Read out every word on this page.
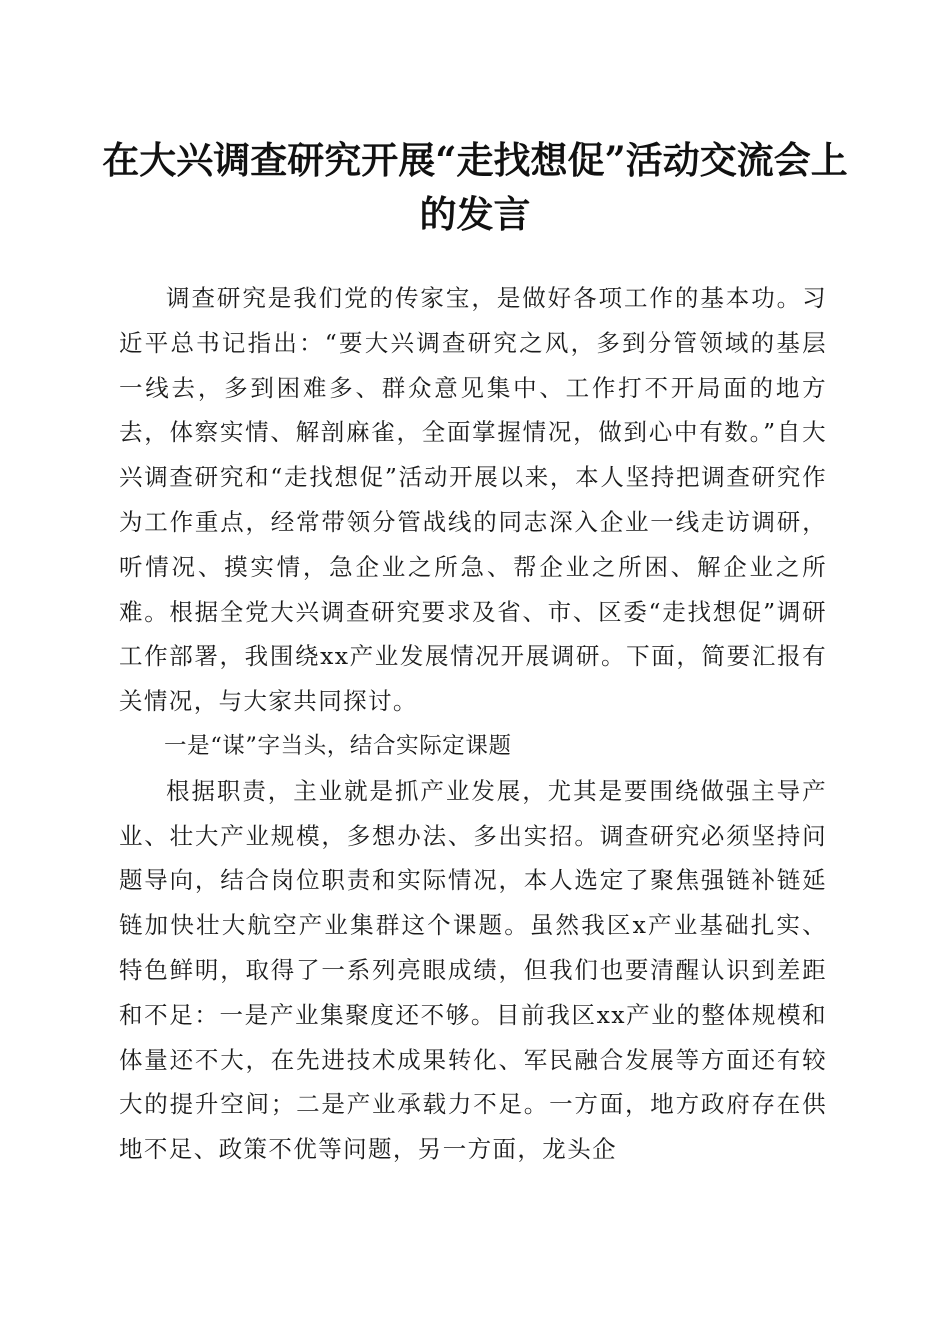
在大兴调查研究开展“走找想促”活动交流会上的发言

调查研究是我们党的传家宝，是做好各项工作的基本功。习近平总书记指出：“要大兴调查研究之风，多到分管领域的基层一线去，多到困难多、群众意见集中、工作打不开局面的地方去，体察实情、解剖麻雀，全面掌握情况，做到心中有数。”自大兴调查研究和“走找想促”活动开展以来，本人坚持把调查研究作为工作重点，经常带领分管战线的同志深入企业一线走访调研，听情况、摸实情，急企业之所急、帮企业之所困、解企业之所难。根据全党大兴调查研究要求及省、市、区委“走找想促”调研工作部署，我围绕xx产业发展情况开展调研。下面，简要汇报有关情况，与大家共同探讨。

一是“谋”字当头，结合实际定课题

根据职责，主业就是抓产业发展，尤其是要围绕做强主导产业、壮大产业规模，多想办法、多出实招。调查研究必须坚持问题导向，结合岗位职责和实际情况，本人选定了聚焦强链补链延链加快壮大航空产业集群这个课题。虽然我区x产业基础扎实、特色鲜明，取得了一系列亮眼成绩，但我们也要清醒认识到差距和不足：一是产业集聚度还不够。目前我区xx产业的整体规模和体量还不大，在先进技术成果转化、军民融合发展等方面还有较大的提升空间；二是产业承载力不足。一方面，地方政府存在供地不足、政策不优等问题，另一方面，龙头企
